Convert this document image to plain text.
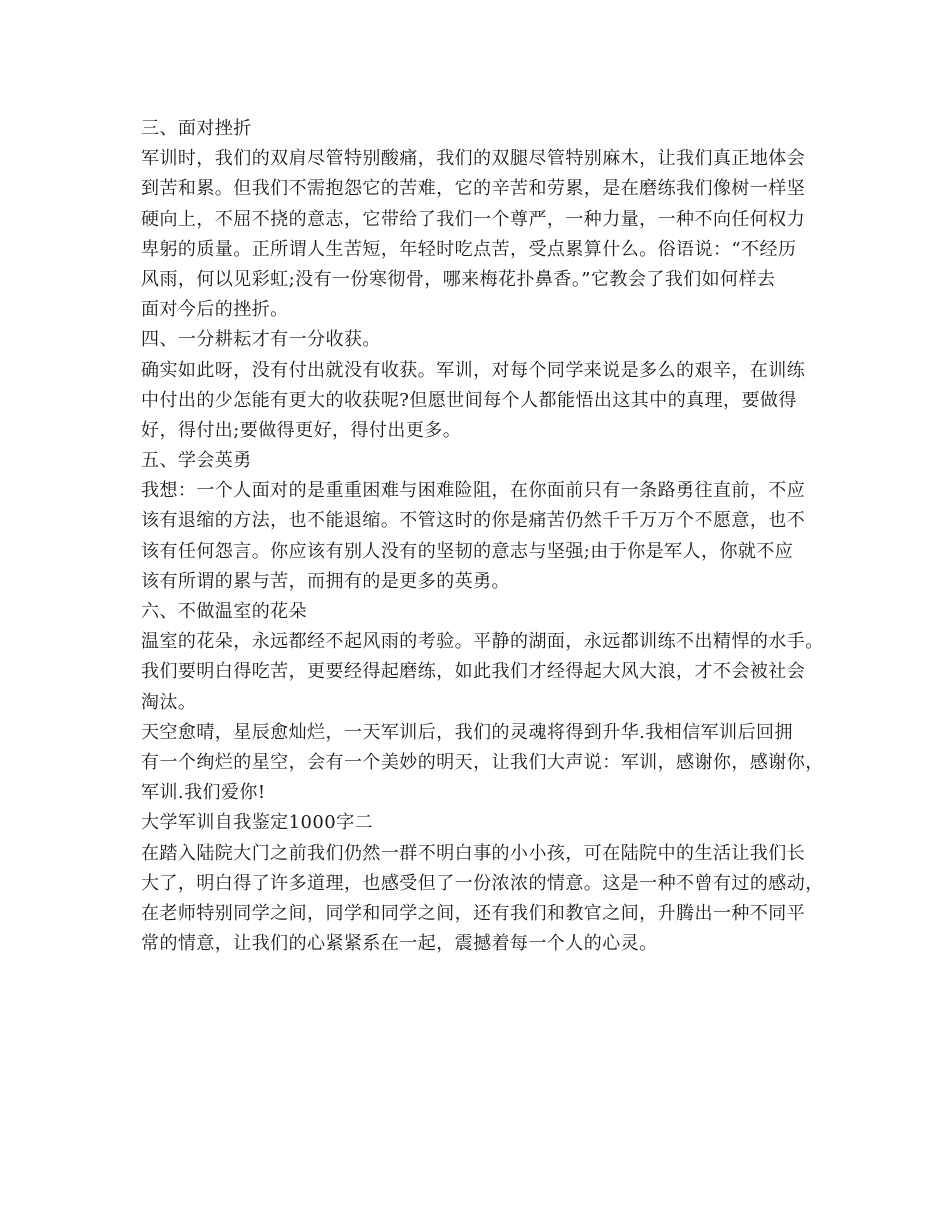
三、面对挫折
军训时，我们的双肩尽管特别酸痛，我们的双腿尽管特别麻木，让我们真正地体会
到苦和累。但我们不需抱怨它的苦难，它的辛苦和劳累，是在磨练我们像树一样坚
硬向上，不屈不挠的意志，它带给了我们一个尊严，一种力量，一种不向任何权力
卑躬的质量。正所谓人生苦短，年轻时吃点苦，受点累算什么。俗语说：“不经历
风雨，何以见彩虹;没有一份寒彻骨，哪来梅花扑鼻香。”它教会了我们如何样去
面对今后的挫折。
四、一分耕耘才有一分收获。
确实如此呀，没有付出就没有收获。军训，对每个同学来说是多么的艰辛，在训练
中付出的少怎能有更大的收获呢?但愿世间每个人都能悟出这其中的真理，要做得
好，得付出;要做得更好，得付出更多。
五、学会英勇
我想：一个人面对的是重重困难与困难险阻，在你面前只有一条路勇往直前，不应
该有退缩的方法，也不能退缩。不管这时的你是痛苦仍然千千万万个不愿意，也不
该有任何怨言。你应该有别人没有的坚韧的意志与坚强;由于你是军人，你就不应
该有所谓的累与苦，而拥有的是更多的英勇。
六、不做温室的花朵
温室的花朵，永远都经不起风雨的考验。平静的湖面，永远都训练不出精悍的水手。
我们要明白得吃苦，更要经得起磨练，如此我们才经得起大风大浪，才不会被社会
淘汰。
天空愈晴，星辰愈灿烂，一天军训后，我们的灵魂将得到升华.我相信军训后回拥
有一个绚烂的星空，会有一个美妙的明天，让我们大声说：军训，感谢你，感谢你，
军训.我们爱你!
大学军训自我鉴定1000字二
在踏入陆院大门之前我们仍然一群不明白事的小小孩，可在陆院中的生活让我们长
大了，明白得了许多道理，也感受但了一份浓浓的情意。这是一种不曾有过的感动，
在老师特别同学之间，同学和同学之间，还有我们和教官之间，升腾出一种不同平
常的情意，让我们的心紧紧系在一起，震撼着每一个人的心灵。
